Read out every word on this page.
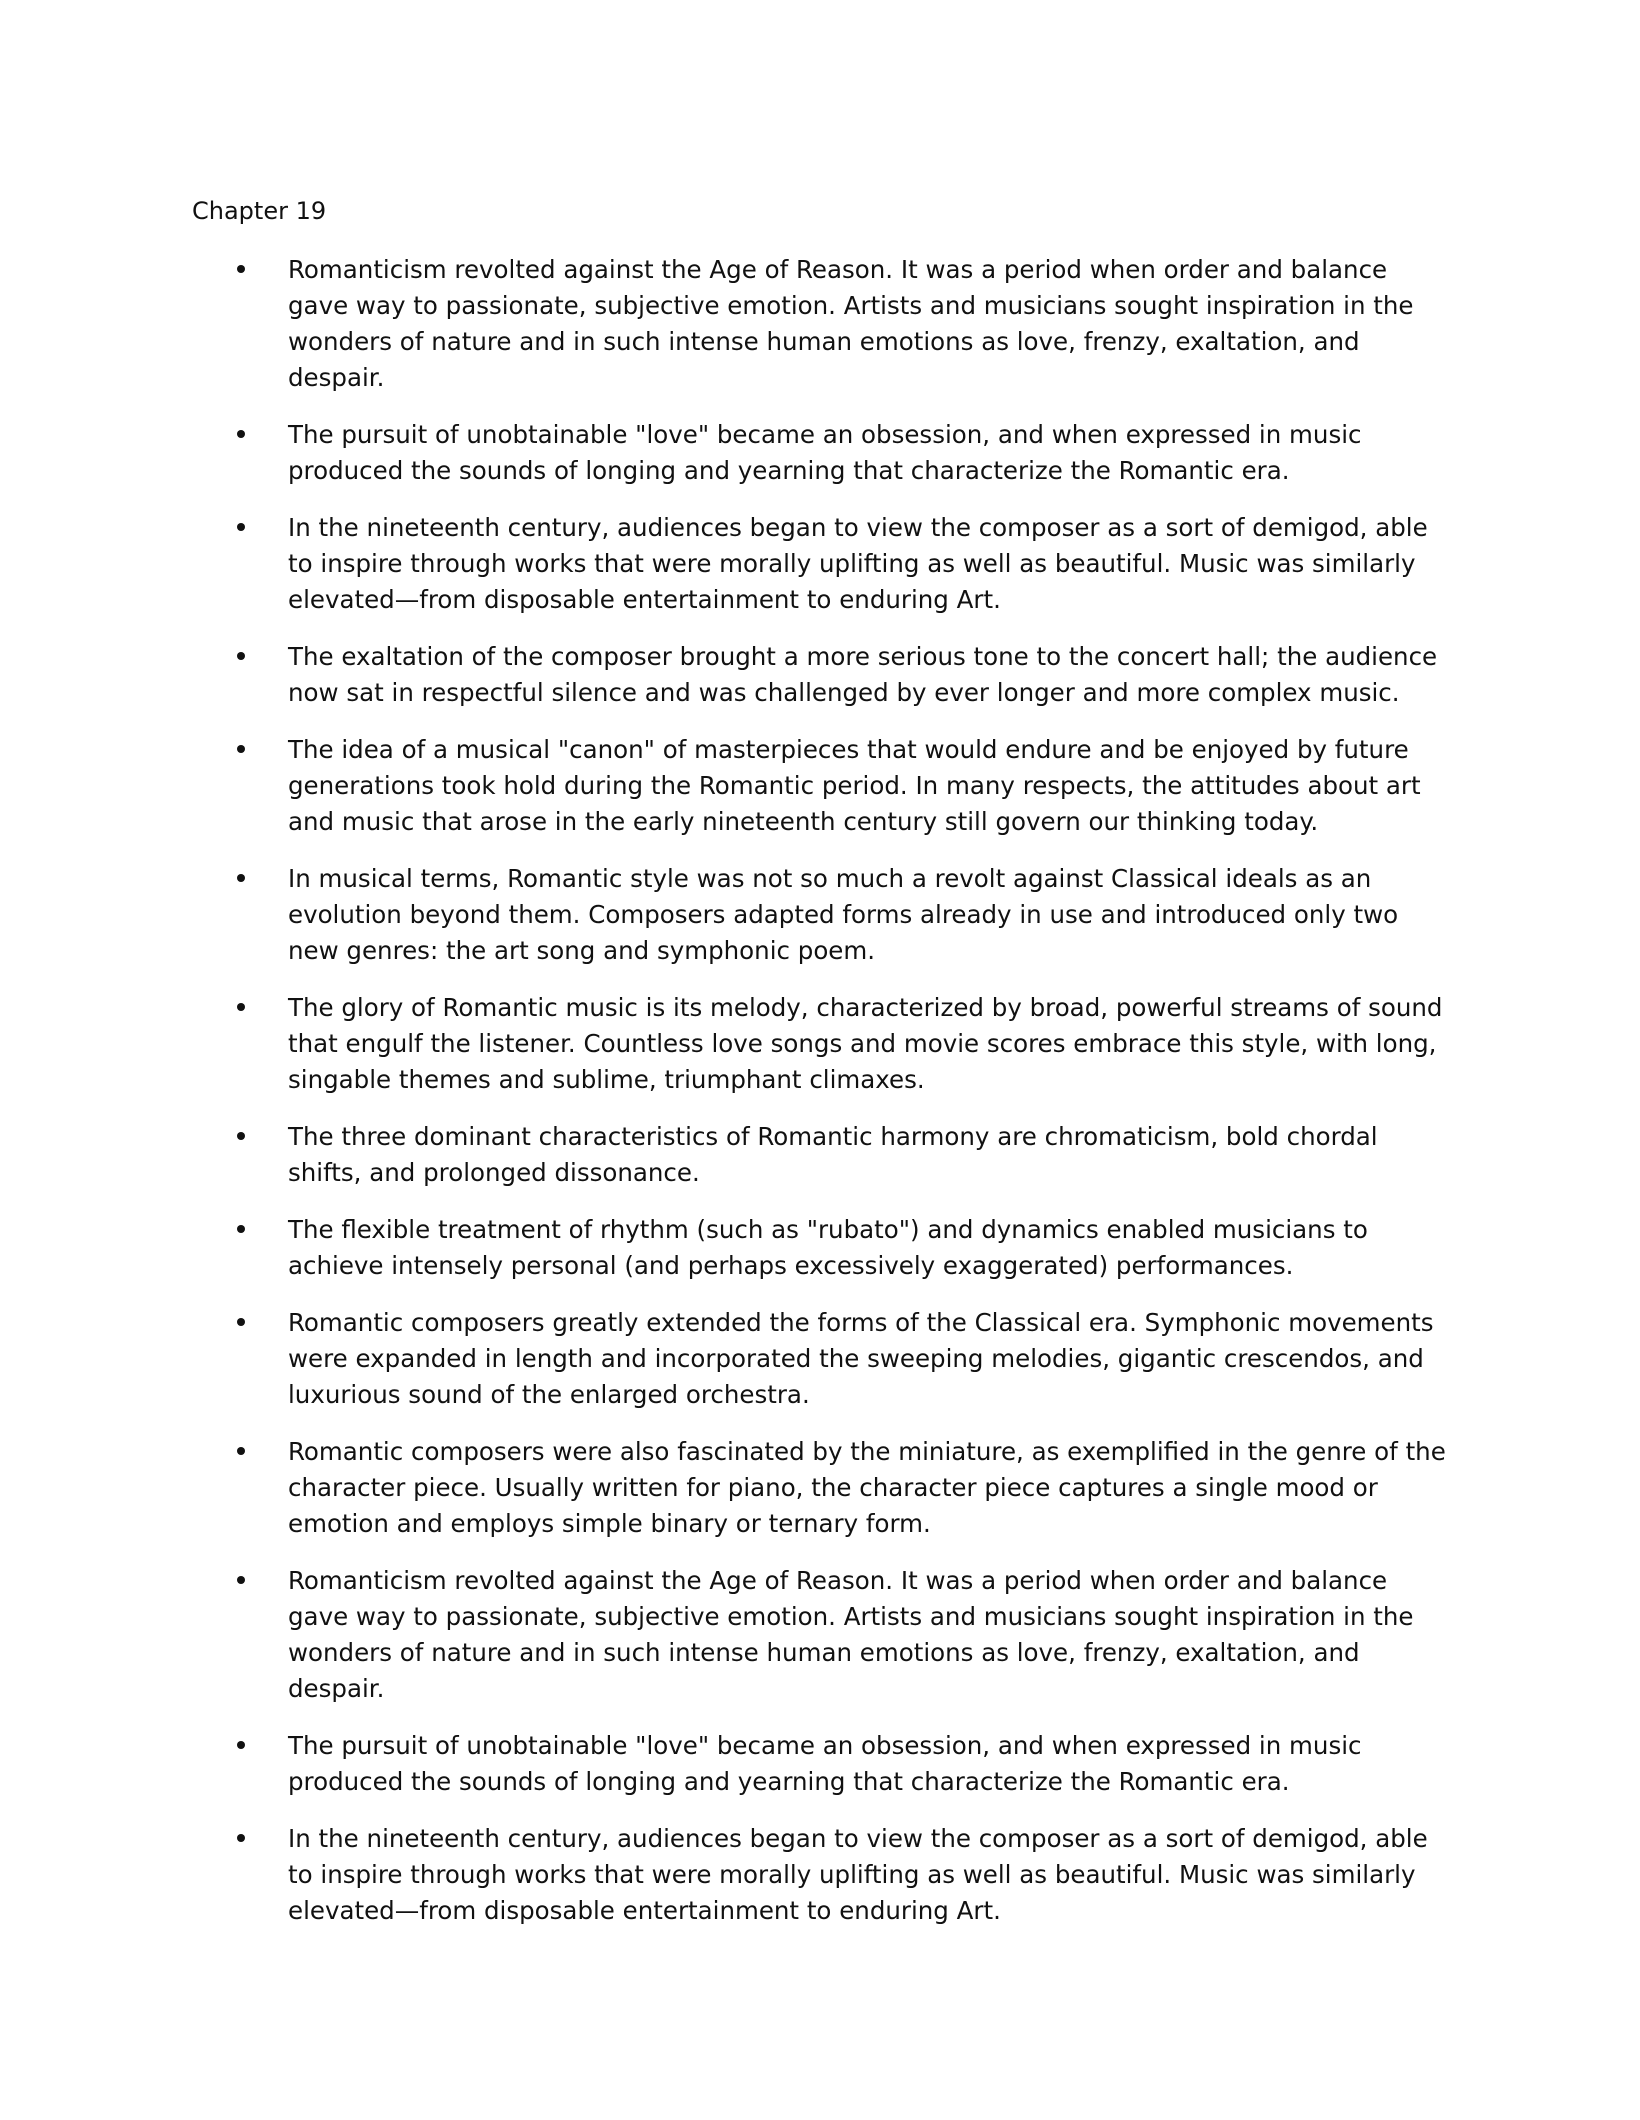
Chapter 19
Romanticism revolted against the Age of Reason. It was a period when order and balance gave way to passionate, subjective emotion. Artists and musicians sought inspiration in the wonders of nature and in such intense human emotions as love, frenzy, exaltation, and despair.
The pursuit of unobtainable "love" became an obsession, and when expressed in music produced the sounds of longing and yearning that characterize the Romantic era.
In the nineteenth century, audiences began to view the composer as a sort of demigod, able to inspire through works that were morally uplifting as well as beautiful. Music was similarly elevated—from disposable entertainment to enduring Art.
The exaltation of the composer brought a more serious tone to the concert hall; the audience now sat in respectful silence and was challenged by ever longer and more complex music.
The idea of a musical "canon" of masterpieces that would endure and be enjoyed by future generations took hold during the Romantic period. In many respects, the attitudes about art and music that arose in the early nineteenth century still govern our thinking today.
In musical terms, Romantic style was not so much a revolt against Classical ideals as an evolution beyond them. Composers adapted forms already in use and introduced only two new genres: the art song and symphonic poem.
The glory of Romantic music is its melody, characterized by broad, powerful streams of sound that engulf the listener. Countless love songs and movie scores embrace this style, with long, singable themes and sublime, triumphant climaxes.
The three dominant characteristics of Romantic harmony are chromaticism, bold chordal shifts, and prolonged dissonance.
The flexible treatment of rhythm (such as "rubato") and dynamics enabled musicians to achieve intensely personal (and perhaps excessively exaggerated) performances.
Romantic composers greatly extended the forms of the Classical era. Symphonic movements were expanded in length and incorporated the sweeping melodies, gigantic crescendos, and luxurious sound of the enlarged orchestra.
Romantic composers were also fascinated by the miniature, as exemplified in the genre of the character piece. Usually written for piano, the character piece captures a single mood or emotion and employs simple binary or ternary form.
Romanticism revolted against the Age of Reason. It was a period when order and balance gave way to passionate, subjective emotion. Artists and musicians sought inspiration in the wonders of nature and in such intense human emotions as love, frenzy, exaltation, and despair.
The pursuit of unobtainable "love" became an obsession, and when expressed in music produced the sounds of longing and yearning that characterize the Romantic era.
In the nineteenth century, audiences began to view the composer as a sort of demigod, able to inspire through works that were morally uplifting as well as beautiful. Music was similarly elevated—from disposable entertainment to enduring Art.
